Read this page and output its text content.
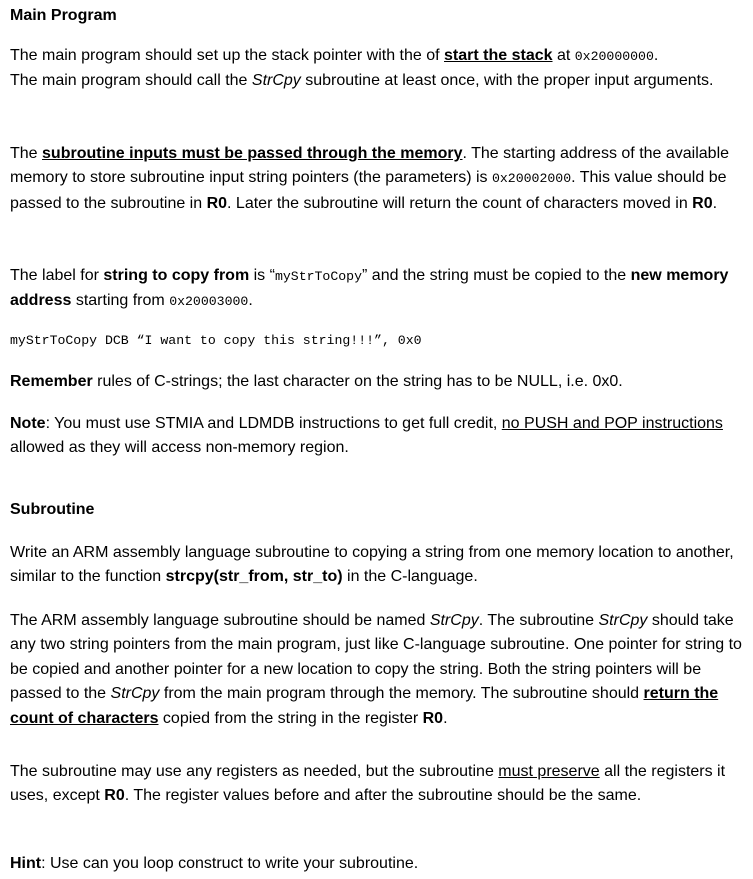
Main Program

The main program should set up the stack pointer with the of start the stack at 0x20000000.
The main program should call the StrCpy subroutine at least once, with the proper input arguments.

The subroutine inputs must be passed through the memory. The starting address of the available memory to store subroutine input string pointers (the parameters) is 0x20002000. This value should be passed to the subroutine in R0. Later the subroutine will return the count of characters moved in R0.

The label for string to copy from is “myStrToCopy” and the string must be copied to the new memory address starting from 0x20003000.

myStrToCopy DCB “I want to copy this string!!!”, 0x0

Remember rules of C-strings; the last character on the string has to be NULL, i.e. 0x0.

Note: You must use STMIA and LDMDB instructions to get full credit, no PUSH and POP instructions allowed as they will access non-memory region.

Subroutine

Write an ARM assembly language subroutine to copying a string from one memory location to another, similar to the function strcpy(str_from, str_to) in the C-language.

The ARM assembly language subroutine should be named StrCpy. The subroutine StrCpy should take any two string pointers from the main program, just like C-language subroutine. One pointer for string to be copied and another pointer for a new location to copy the string. Both the string pointers will be passed to the StrCpy from the main program through the memory. The subroutine should return the count of characters copied from the string in the register R0.

The subroutine may use any registers as needed, but the subroutine must preserve all the registers it uses, except R0. The register values before and after the subroutine should be the same.

Hint: Use can you loop construct to write your subroutine.
